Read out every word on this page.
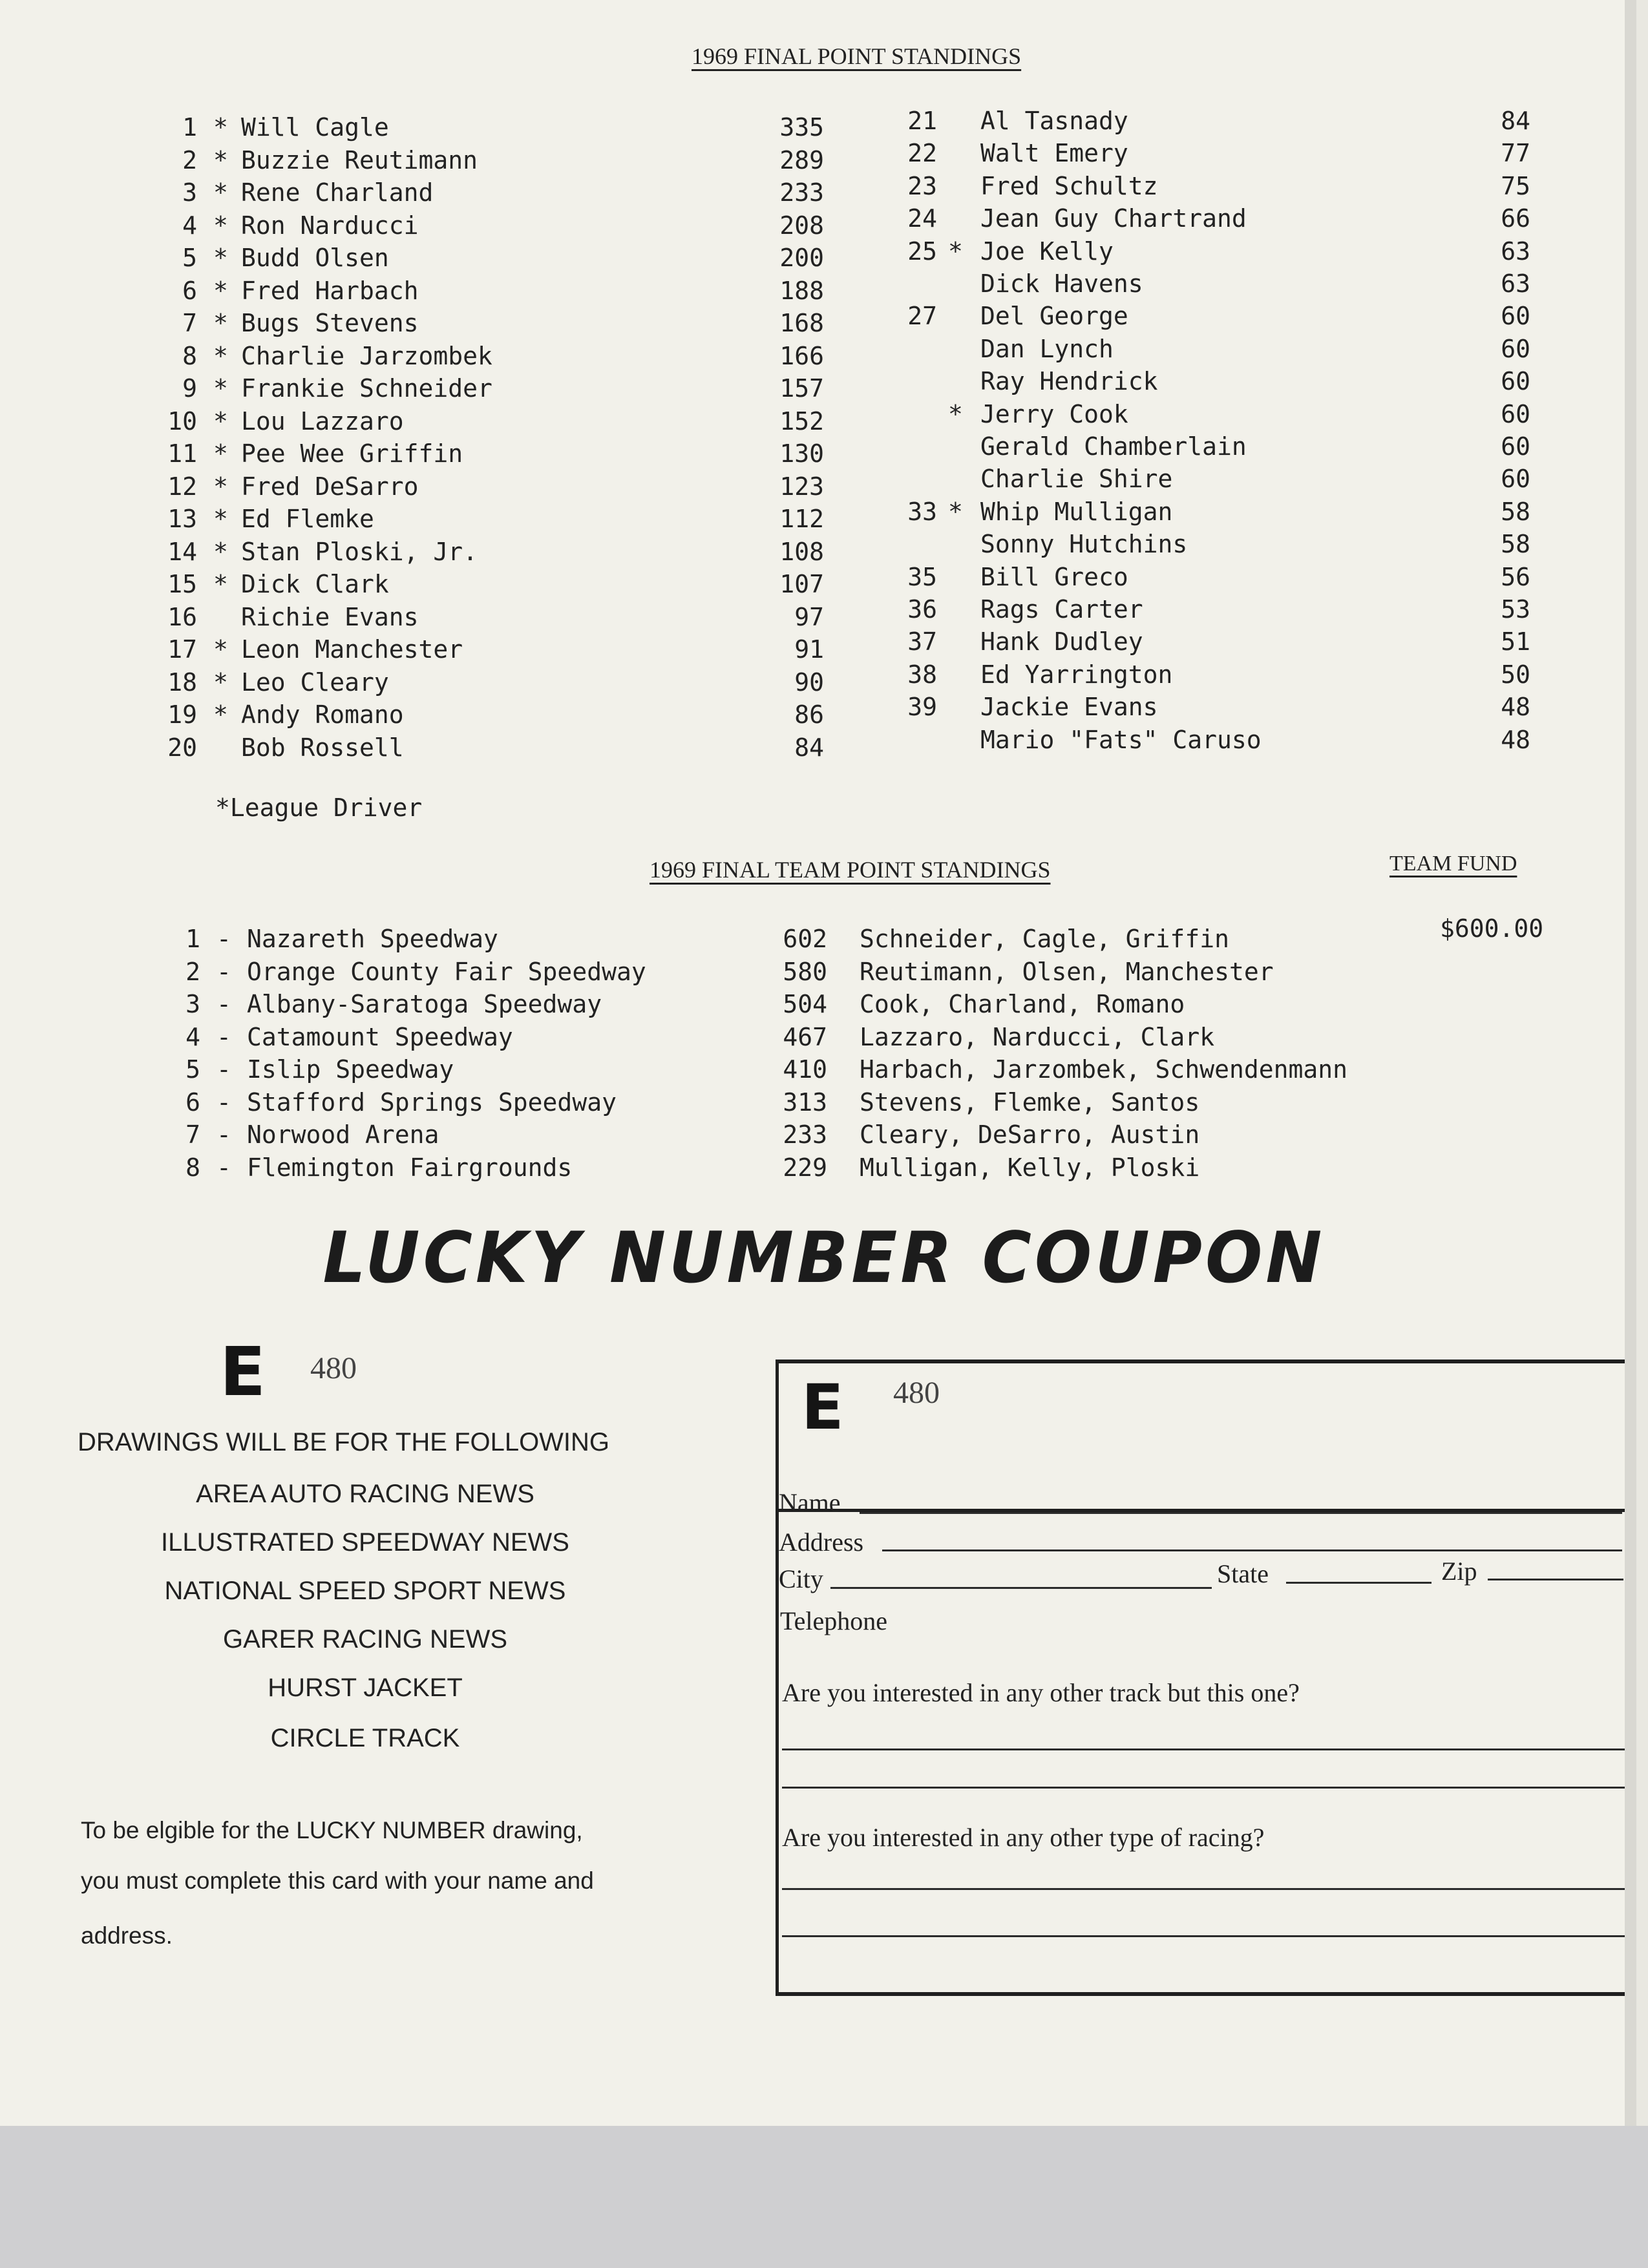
1969 FINAL POINT STANDINGS
1 * Will Cagle	335
2 * Buzzie Reutimann	289
3 * Rene Charland	233
4 * Ron Narducci	208
5 * Budd Olsen	200
6 * Fred Harbach	188
7 * Bugs Stevens	168
8 * Charlie Jarzombek	166
9 * Frankie Schneider	157
10 * Lou Lazzaro	152
11 * Pee Wee Griffin	130
12 * Fred DeSarro	123
13 * Ed Flemke	112
14 * Stan Ploski, Jr.	108
15 * Dick Clark	107
16 Richie Evans	97
17 * Leon Manchester	91
18 * Leo Cleary	90
19 * Andy Romano	86
20 Bob Rossell	84
21 Al Tasnady	84
22 Walt Emery	77
23 Fred Schultz	75
24 Jean Guy Chartrand	66
25 * Joe Kelly	63
Dick Havens	63
27 Del George	60
Dan Lynch	60
Ray Hendrick	60
* Jerry Cook	60
Gerald Chamberlain	60
Charlie Shire	60
33 * Whip Mulligan	58
Sonny Hutchins	58
35 Bill Greco	56
36 Rags Carter	53
37 Hank Dudley	51
38 Ed Yarrington	50
39 Jackie Evans	48
Mario "Fats" Caruso	48
*League Driver
1969 FINAL TEAM POINT STANDINGS	TEAM FUND
$600.00
1 - Nazareth Speedway	602 Schneider, Cagle, Griffin
2 - Orange County Fair Speedway	580 Reutimann, Olsen, Manchester
3 - Albany-Saratoga Speedway	504 Cook, Charland, Romano
4 - Catamount Speedway	467 Lazzaro, Narducci, Clark
5 - Islip Speedway	410 Harbach, Jarzombek, Schwendenmann
6 - Stafford Springs Speedway	313 Stevens, Flemke, Santos
7 - Norwood Arena	233 Cleary, DeSarro, Austin
8 - Flemington Fairgrounds	229 Mulligan, Kelly, Ploski
LUCKY NUMBER COUPON
E 480
DRAWINGS WILL BE FOR THE FOLLOWING
AREA AUTO RACING NEWS
ILLUSTRATED SPEEDWAY NEWS
NATIONAL SPEED SPORT NEWS
GARER RACING NEWS
HURST JACKET
CIRCLE TRACK
To be elgible for the LUCKY NUMBER drawing,
you must complete this card with your name and
address.
E 480
Name
Address
City	State	Zip
Telephone
Are you interested in any other track but this one?
Are you interested in any other type of racing?
